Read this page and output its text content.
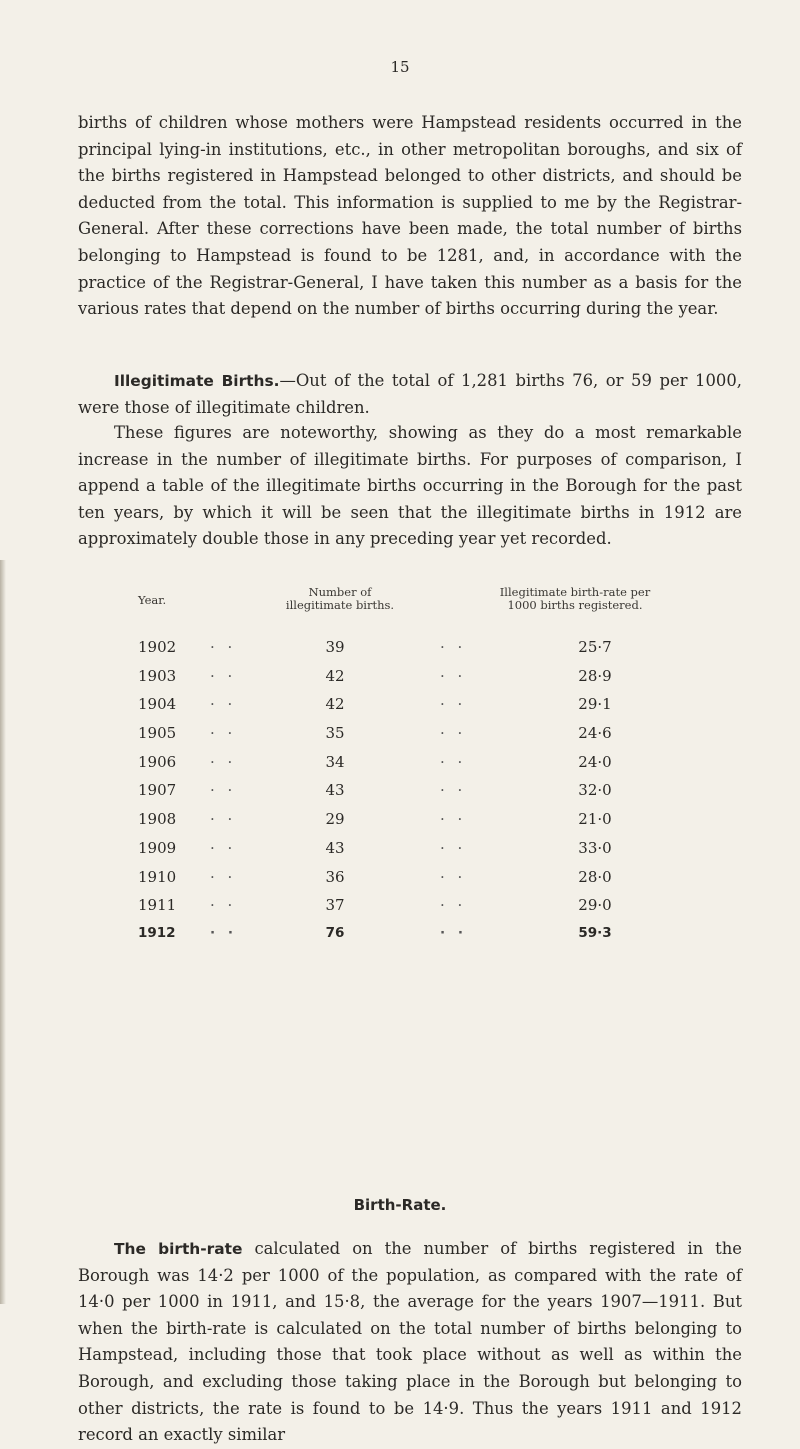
15

births of children whose mothers were Hampstead residents occurred in the principal lying-in institutions, etc., in other metropolitan boroughs, and six of the births registered in Hampstead belonged to other districts, and should be deducted from the total. This information is supplied to me by the Registrar-General. After these corrections have been made, the total number of births belonging to Hampstead is found to be 1281, and, in accordance with the practice of the Registrar-General, I have taken this number as a basis for the various rates that depend on the number of births occurring during the year.

Illegitimate Births.—Out of the total of 1,281 births 76, or 59 per 1000, were those of illegitimate children.

These figures are noteworthy, showing as they do a most remarkable increase in the number of illegitimate births. For purposes of comparison, I append a table of the illegitimate births occurring in the Borough for the past ten years, by which it will be seen that the illegitimate births in 1912 are approximately double those in any preceding year yet recorded.

Year.
Number of illegitimate births.
Illegitimate birth-rate per 1000 births registered.
1902 · ·	39	· ·	25·7
1903 · ·	42	· ·	28·9
1904 · ·	42	· ·	29·1
1905 · ·	35	· ·	24·6
1906 · ·	34	· ·	24·0
1907 · ·	43	· ·	32·0
1908 · ·	29	· ·	21·0
1909 · ·	43	· ·	33·0
1910 · ·	36	· ·	28·0
1911 · ·	37	· ·	29·0
1912	· ·	76	· ·	59·3
Birth-Rate.

The birth-rate calculated on the number of births registered in the Borough was 14·2 per 1000 of the population, as compared with the rate of 14·0 per 1000 in 1911, and 15·8, the average for the years 1907—1911. But when the birth-rate is calculated on the total number of births belonging to Hampstead, including those that took place without as well as within the Borough, and excluding those taking place in the Borough but belonging to other districts, the rate is found to be 14·9. Thus the years 1911 and 1912 record an exactly similar
